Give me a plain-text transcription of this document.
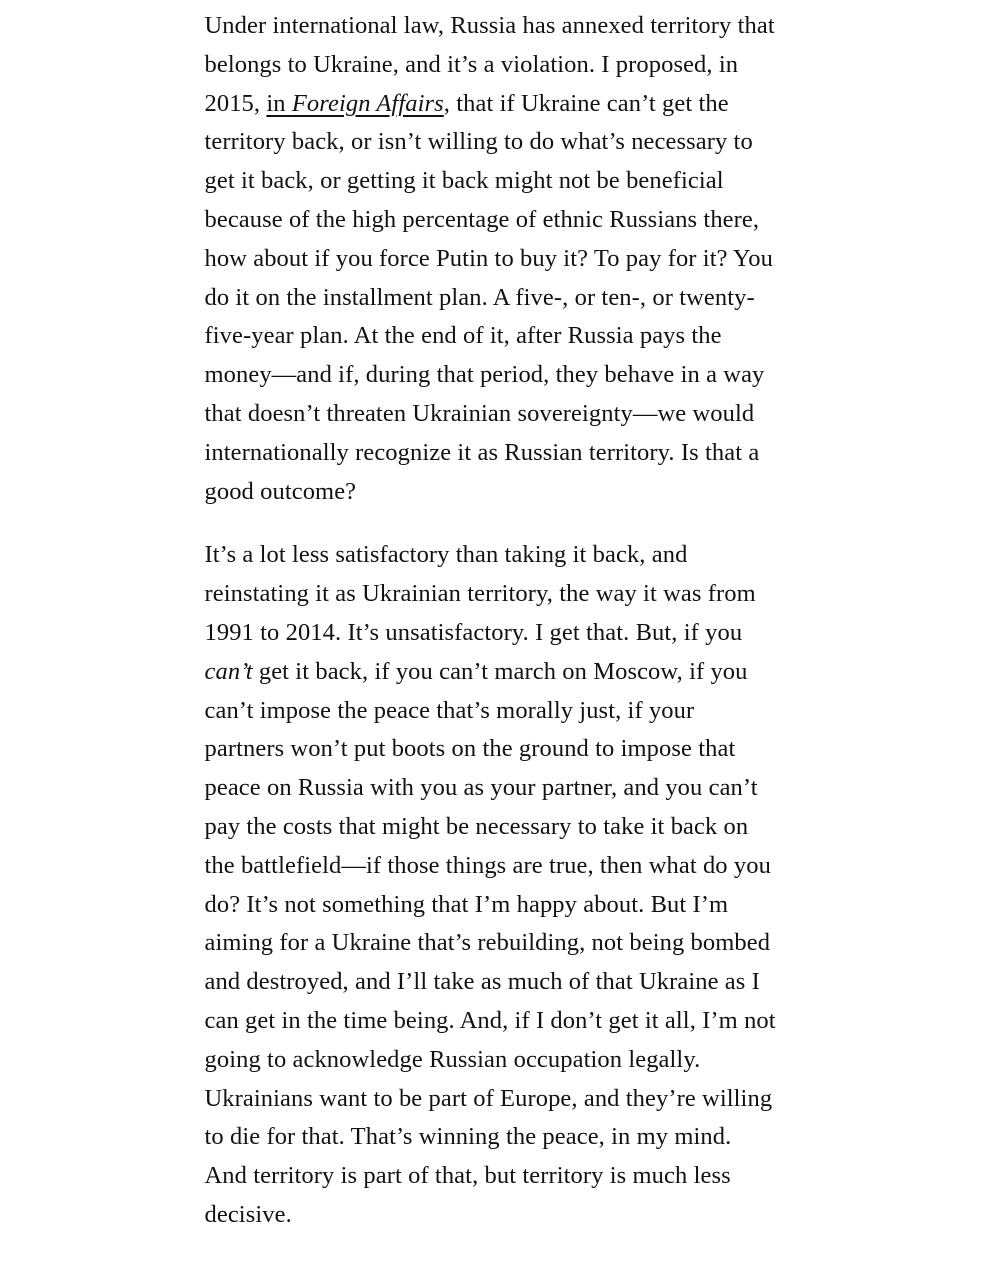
Under international law, Russia has annexed territory that belongs to Ukraine, and it’s a violation. I proposed, in 2015, in Foreign Affairs, that if Ukraine can’t get the territory back, or isn’t willing to do what’s necessary to get it back, or getting it back might not be beneficial because of the high percentage of ethnic Russians there, how about if you force Putin to buy it? To pay for it? You do it on the installment plan. A five-, or ten-, or twenty-five-year plan. At the end of it, after Russia pays the money—and if, during that period, they behave in a way that doesn’t threaten Ukrainian sovereignty—we would internationally recognize it as Russian territory. Is that a good outcome?

It’s a lot less satisfactory than taking it back, and reinstating it as Ukrainian territory, the way it was from 1991 to 2014. It’s unsatisfactory. I get that. But, if you can’t get it back, if you can’t march on Moscow, if you can’t impose the peace that’s morally just, if your partners won’t put boots on the ground to impose that peace on Russia with you as your partner, and you can’t pay the costs that might be necessary to take it back on the battlefield—if those things are true, then what do you do? It’s not something that I’m happy about. But I’m aiming for a Ukraine that’s rebuilding, not being bombed and destroyed, and I’ll take as much of that Ukraine as I can get in the time being. And, if I don’t get it all, I’m not going to acknowledge Russian occupation legally. Ukrainians want to be part of Europe, and they’re willing to die for that. That’s winning the peace, in my mind. And territory is part of that, but territory is much less decisive.
